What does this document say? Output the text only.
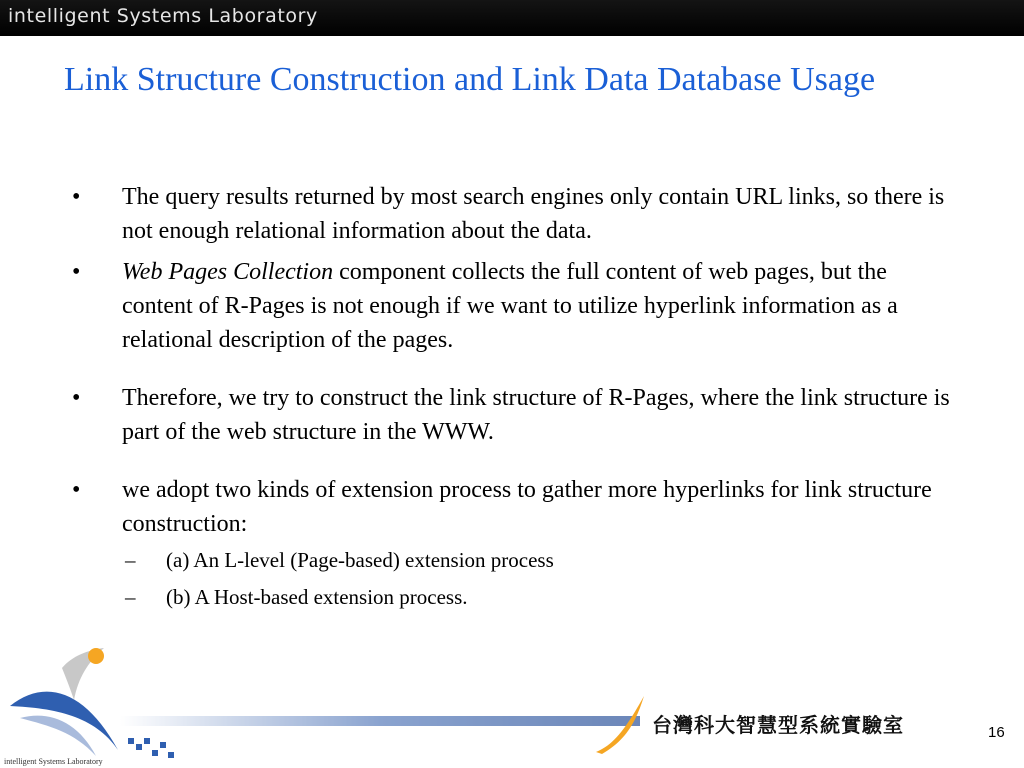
intelligent Systems Laboratory
Link Structure Construction and Link Data Database Usage
• The query results returned by most search engines only contain URL links, so there is not enough relational information about the data.
• Web Pages Collection component collects the full content of web pages, but the content of R-Pages is not enough if we want to utilize hyperlink information as a relational description of the pages.
• Therefore, we try to construct the link structure of R-Pages, where the link structure is part of the web structure in the WWW.
• we adopt two kinds of extension process to gather more hyperlinks for link structure construction:
– (a) An L-level (Page-based) extension process
– (b) A Host-based extension process.
intelligent Systems Laboratory
台灣科大智慧型系統實驗室	16
